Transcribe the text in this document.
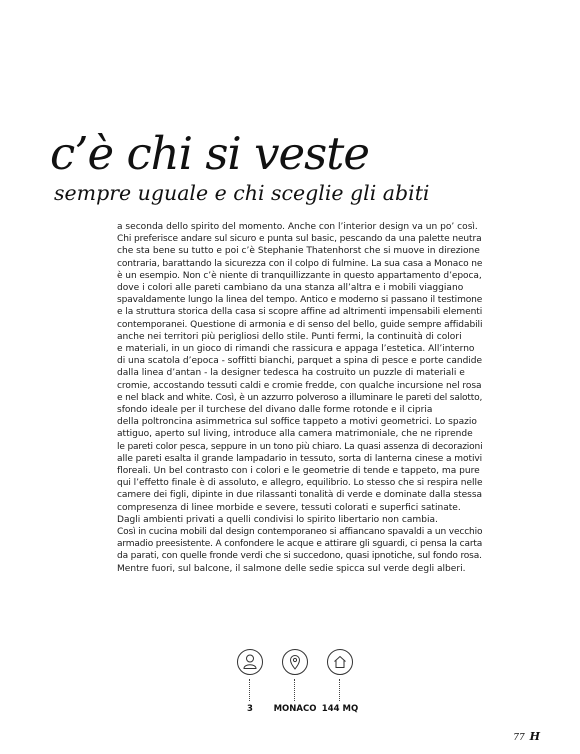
c’è chi si veste
sempre uguale e chi sceglie gli abiti
a seconda dello spirito del momento. Anche con l’interior design va un po’ così.
Chi preferisce andare sul sicuro e punta sul basic, pescando da una palette neutra
che sta bene su tutto e poi c’è Stephanie Thatenhorst che si muove in direzione
contraria, barattando la sicurezza con il colpo di fulmine. La sua casa a Monaco ne
è un esempio. Non c’è niente di tranquillizzante in questo appartamento d’epoca,
dove i colori alle pareti cambiano da una stanza all’altra e i mobili viaggiano
spavaldamente lungo la linea del tempo. Antico e moderno si passano il testimone
e la struttura storica della casa si scopre affine ad altrimenti impensabili elementi
contemporanei. Questione di armonia e di senso del bello, guide sempre affidabili
anche nei territori più perigliosi dello stile. Punti fermi, la continuità di colori
e materiali, in un gioco di rimandi che rassicura e appaga l’estetica. All’interno
di una scatola d’epoca - soffitti bianchi, parquet a spina di pesce e porte candide
dalla linea d’antan - la designer tedesca ha costruito un puzzle di materiali e
cromie, accostando tessuti caldi e cromie fredde, con qualche incursione nel rosa
e nel black and white. Così, è un azzurro polveroso a illuminare le pareti del salotto,
sfondo ideale per il turchese del divano dalle forme rotonde e il cipria
della poltroncina asimmetrica sul soffice tappeto a motivi geometrici. Lo spazio
attiguo, aperto sul living, introduce alla camera matrimoniale, che ne riprende
le pareti color pesca, seppure in un tono più chiaro. La quasi assenza di decorazioni
alle pareti esalta il grande lampadario in tessuto, sorta di lanterna cinese a motivi
floreali. Un bel contrasto con i colori e le geometrie di tende e tappeto, ma pure
qui l’effetto finale è di assoluto, e allegro, equilibrio. Lo stesso che si respira nelle
camere dei figli, dipinte in due rilassanti tonalità di verde e dominate dalla stessa
compresenza di linee morbide e severe, tessuti colorati e superfici satinate.
Dagli ambienti privati a quelli condivisi lo spirito libertario non cambia.
Così in cucina mobili dal design contemporaneo si affiancano spavaldi a un vecchio
armadio preesistente. A confondere le acque e attirare gli sguardi, ci pensa la carta
da parati, con quelle fronde verdi che si succedono, quasi ipnotiche, sul fondo rosa.
Mentre fuori, sul balcone, il salmone delle sedie spicca sul verde degli alberi.
3	MONACO 144 MQ
77 H
